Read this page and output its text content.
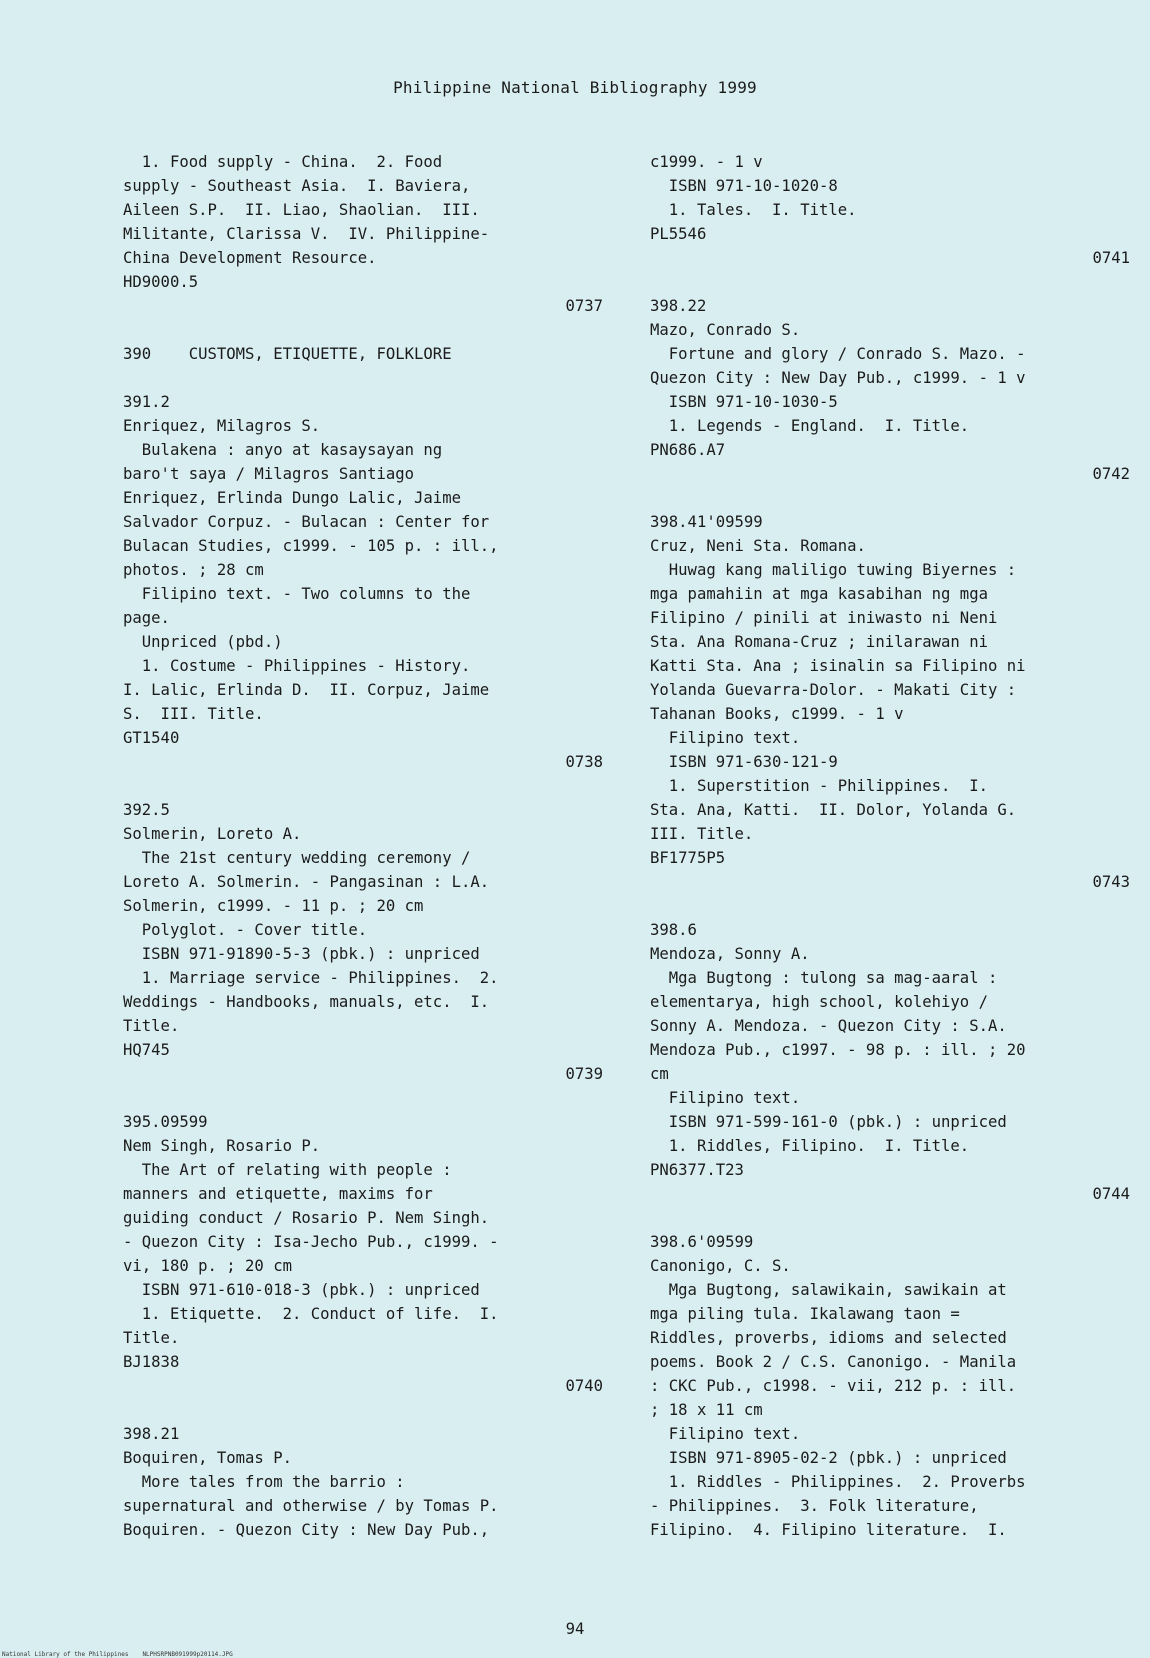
Philippine National Bibliography 1999
1. Food supply - China.  2. Food
supply - Southeast Asia.  I. Baviera,
Aileen S.P.  II. Liao, Shaolian.  III.
Militante, Clarissa V.  IV. Philippine-
China Development Resource.
HD9000.5
0737
390    CUSTOMS, ETIQUETTE, FOLKLORE
391.2
Enriquez, Milagros S.
Bulakena : anyo at kasaysayan ng
baro't saya / Milagros Santiago
Enriquez, Erlinda Dungo Lalic, Jaime
Salvador Corpuz. - Bulacan : Center for
Bulacan Studies, c1999. - 105 p. : ill.,
photos. ; 28 cm
Filipino text. - Two columns to the
page.
Unpriced (pbd.)
1. Costume - Philippines - History.
I. Lalic, Erlinda D.  II. Corpuz, Jaime
S.  III. Title.
GT1540
0738
392.5
Solmerin, Loreto A.
The 21st century wedding ceremony /
Loreto A. Solmerin. - Pangasinan : L.A.
Solmerin, c1999. - 11 p. ; 20 cm
Polyglot. - Cover title.
ISBN 971-91890-5-3 (pbk.) : unpriced
1. Marriage service - Philippines.  2.
Weddings - Handbooks, manuals, etc.  I.
Title.
HQ745
0739
395.09599
Nem Singh, Rosario P.
The Art of relating with people :
manners and etiquette, maxims for
guiding conduct / Rosario P. Nem Singh.
- Quezon City : Isa-Jecho Pub., c1999. -
vi, 180 p. ; 20 cm
ISBN 971-610-018-3 (pbk.) : unpriced
1. Etiquette.  2. Conduct of life.  I.
Title.
BJ1838
0740
398.21
Boquiren, Tomas P.
More tales from the barrio :
supernatural and otherwise / by Tomas P.
Boquiren. - Quezon City : New Day Pub.,
c1999. - 1 v
ISBN 971-10-1020-8
1. Tales.  I. Title.
PL5546
0741
398.22
Mazo, Conrado S.
Fortune and glory / Conrado S. Mazo. -
Quezon City : New Day Pub., c1999. - 1 v
ISBN 971-10-1030-5
1. Legends - England.  I. Title.
PN686.A7
0742
398.41'09599
Cruz, Neni Sta. Romana.
Huwag kang maliligo tuwing Biyernes :
mga pamahiin at mga kasabihan ng mga
Filipino / pinili at iniwasto ni Neni
Sta. Ana Romana-Cruz ; inilarawan ni
Katti Sta. Ana ; isinalin sa Filipino ni
Yolanda Guevarra-Dolor. - Makati City :
Tahanan Books, c1999. - 1 v
Filipino text.
ISBN 971-630-121-9
1. Superstition - Philippines.  I.
Sta. Ana, Katti.  II. Dolor, Yolanda G.
III. Title.
BF1775P5
0743
398.6
Mendoza, Sonny A.
Mga Bugtong : tulong sa mag-aaral :
elementarya, high school, kolehiyo /
Sonny A. Mendoza. - Quezon City : S.A.
Mendoza Pub., c1997. - 98 p. : ill. ; 20
cm
Filipino text.
ISBN 971-599-161-0 (pbk.) : unpriced
1. Riddles, Filipino.  I. Title.
PN6377.T23
0744
398.6'09599
Canonigo, C. S.
Mga Bugtong, salawikain, sawikain at
mga piling tula. Ikalawang taon =
Riddles, proverbs, idioms and selected
poems. Book 2 / C.S. Canonigo. - Manila
: CKC Pub., c1998. - vii, 212 p. : ill.
; 18 x 11 cm
Filipino text.
ISBN 971-8905-02-2 (pbk.) : unpriced
1. Riddles - Philippines.  2. Proverbs
- Philippines.  3. Folk literature,
Filipino.  4. Filipino literature.  I.
94
National Library of the Philippines NLPHSRPNB091999p20114.JPG
